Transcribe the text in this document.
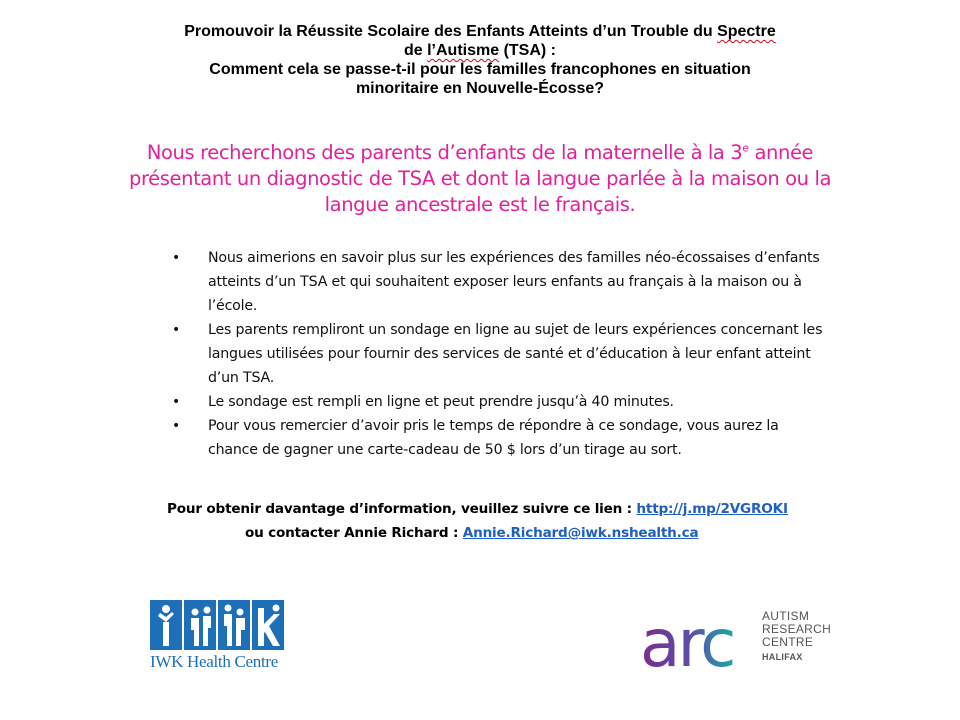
Promouvoir la Réussite Scolaire des Enfants Atteints d’un Trouble du Spectre
de l’Autisme (TSA) :
Comment cela se passe-t-il pour les familles francophones en situation
minoritaire en Nouvelle-Écosse?
Nous recherchons des parents d’enfants de la maternelle à la 3e année présentant un diagnostic de TSA et dont la langue parlée à la maison ou la langue ancestrale est le français.
• Nous aimerions en savoir plus sur les expériences des familles néo-écossaises d’enfants atteints d’un TSA et qui souhaitent exposer leurs enfants au français à la maison ou à l’école.
• Les parents rempliront un sondage en ligne au sujet de leurs expériences concernant les langues utilisées pour fournir des services de santé et d’éducation à leur enfant atteint d’un TSA.
• Le sondage est rempli en ligne et peut prendre jusqu’à 40 minutes.
• Pour vous remercier d’avoir pris le temps de répondre à ce sondage, vous aurez la chance de gagner une carte-cadeau de 50 $ lors d’un tirage au sort.
Pour obtenir davantage d’information, veuillez suivre ce lien : http://j.mp/2VGROKI
ou contacter Annie Richard : Annie.Richard@iwk.nshealth.ca
IWK Health Centre	arc AUTISM
RESEARCH
CENTRE
HALIFAX
